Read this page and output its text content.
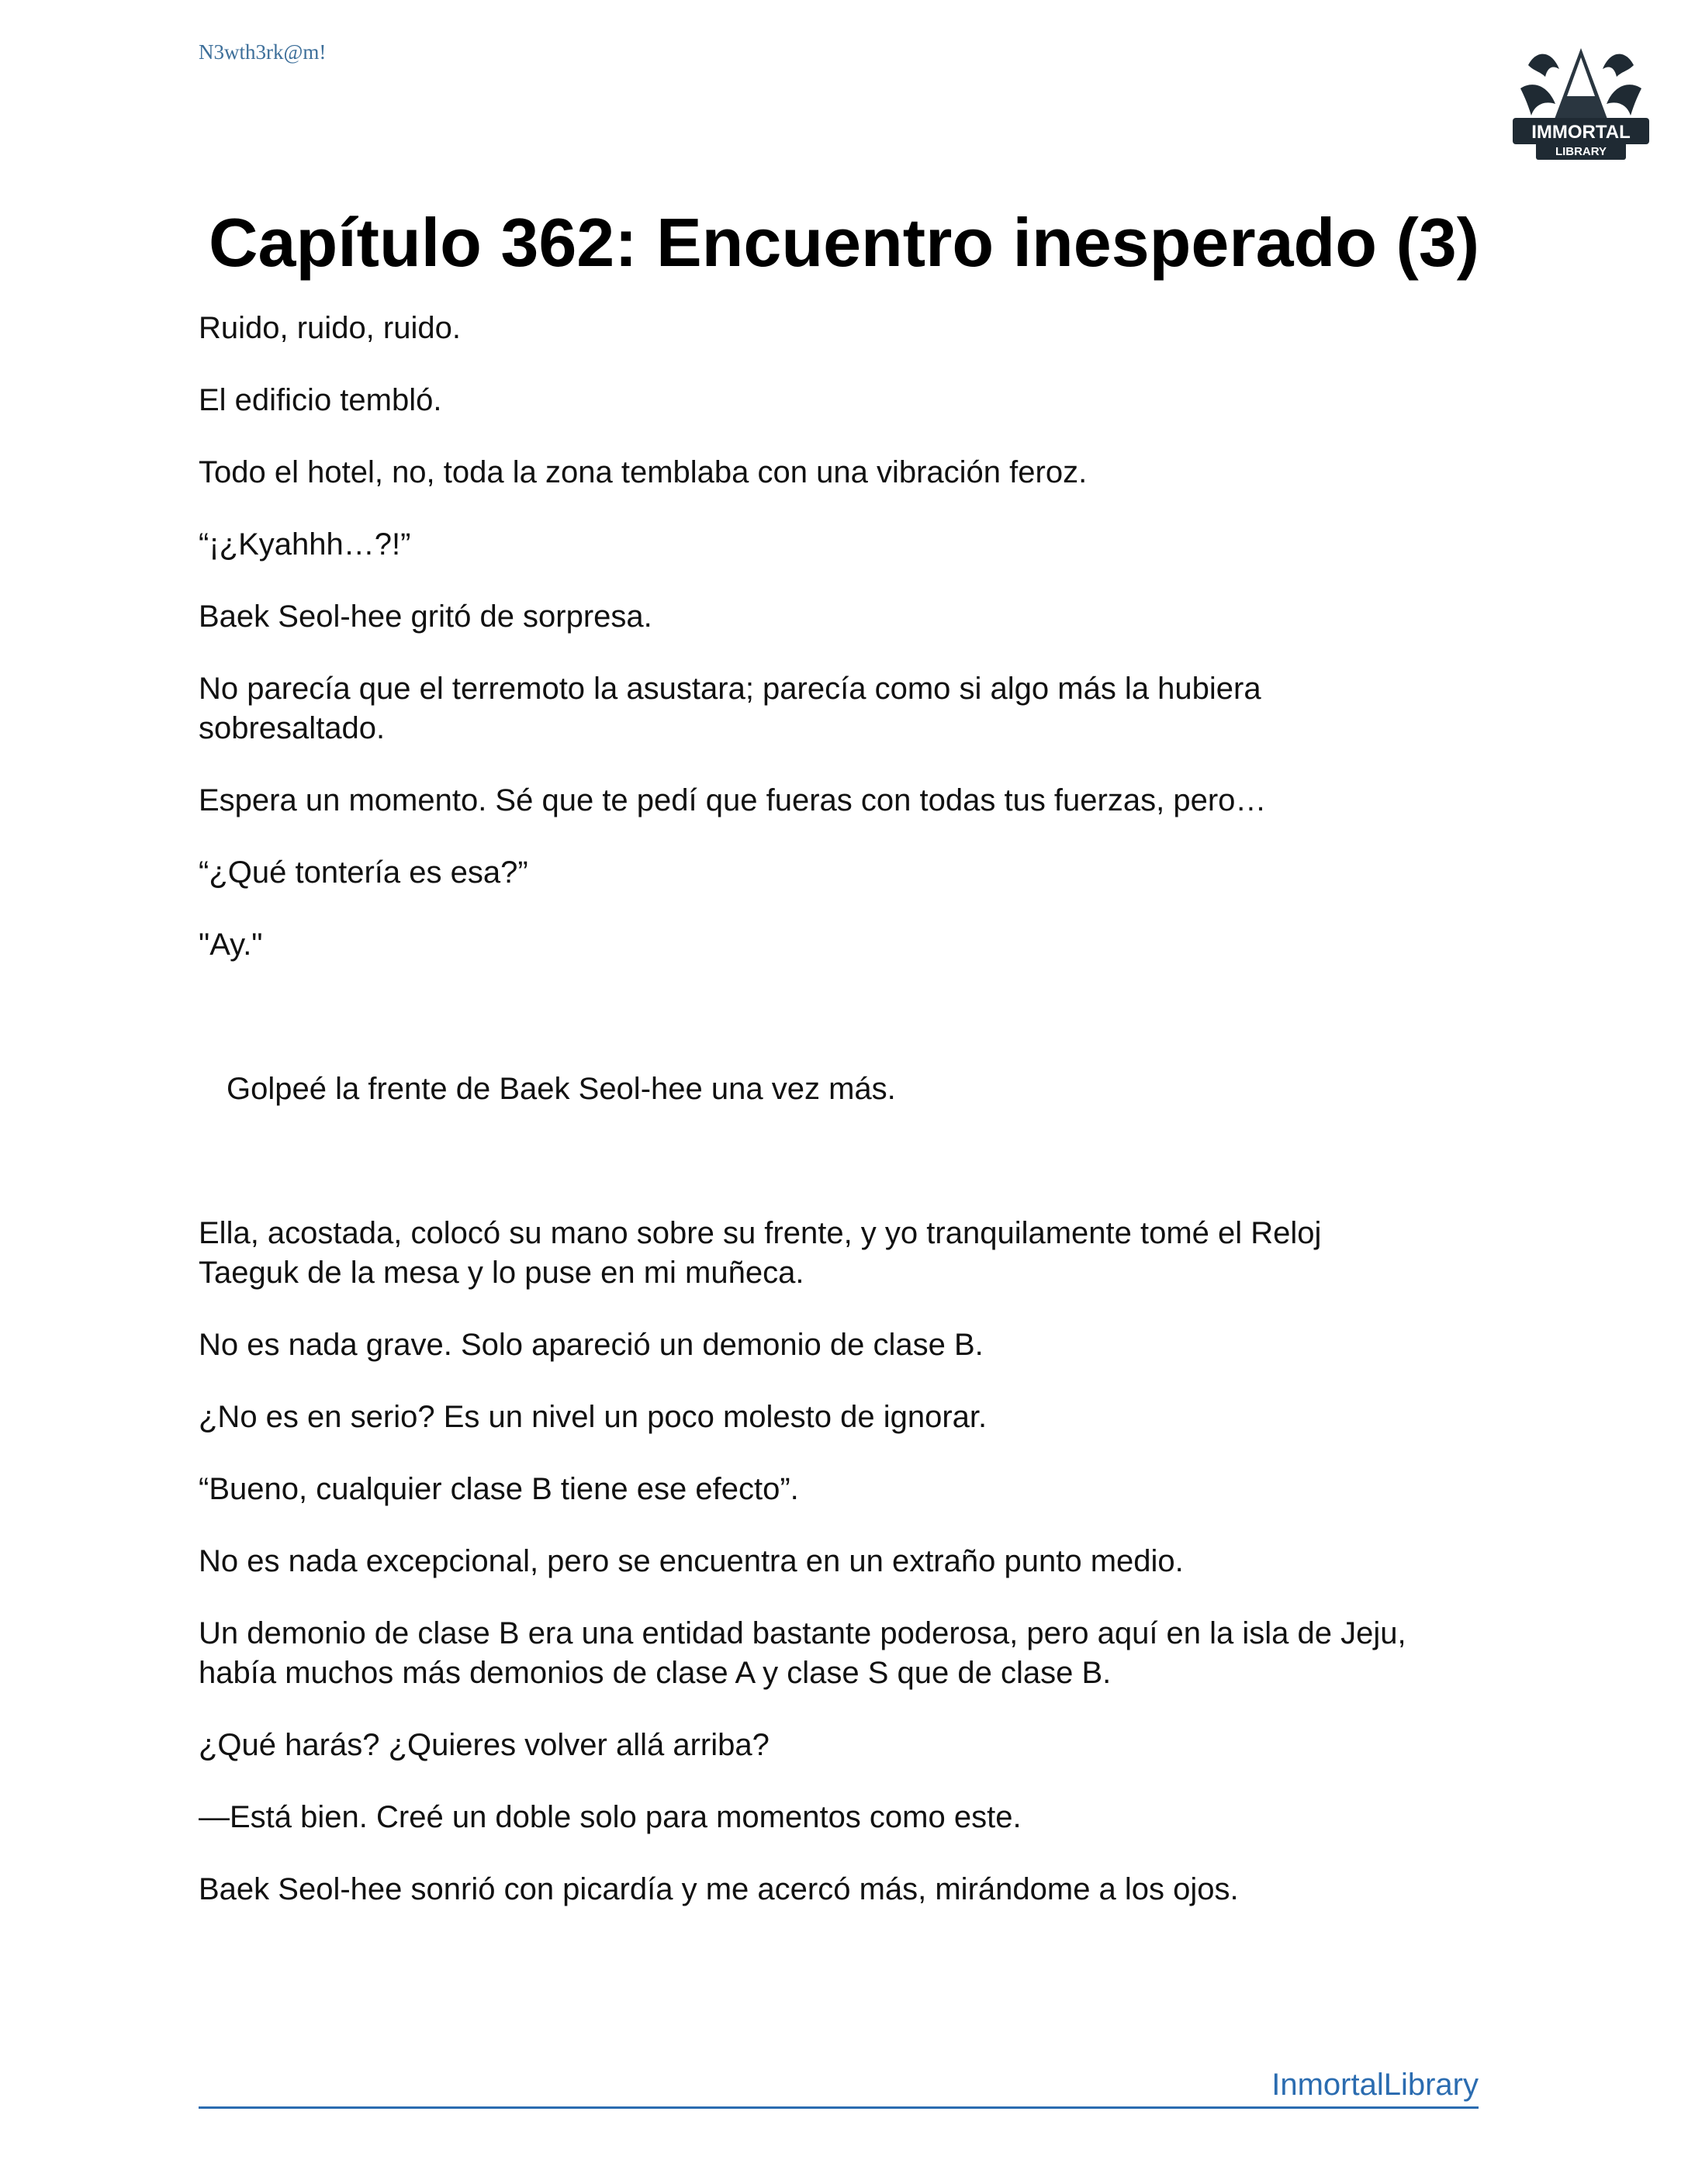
N3wth3rk@m!
IMMORTAL
LIBRARY
Capítulo 362: Encuentro inesperado (3)

Ruido, ruido, ruido.

El edificio tembló.

Todo el hotel, no, toda la zona temblaba con una vibración feroz.

“¡¿Kyahhh…?!”

Baek Seol-hee gritó de sorpresa.

No parecía que el terremoto la asustara; parecía como si algo más la hubiera
sobresaltado.

Espera un momento. Sé que te pedí que fueras con todas tus fuerzas, pero…

“¿Qué tontería es esa?”

"Ay."

Golpeé la frente de Baek Seol-hee una vez más.

Ella, acostada, colocó su mano sobre su frente, y yo tranquilamente tomé el Reloj
Taeguk de la mesa y lo puse en mi muñeca.

No es nada grave. Solo apareció un demonio de clase B.

¿No es en serio? Es un nivel un poco molesto de ignorar.

“Bueno, cualquier clase B tiene ese efecto”.

No es nada excepcional, pero se encuentra en un extraño punto medio.

Un demonio de clase B era una entidad bastante poderosa, pero aquí en la isla de Jeju,
había muchos más demonios de clase A y clase S que de clase B.

¿Qué harás? ¿Quieres volver allá arriba?

—Está bien. Creé un doble solo para momentos como este.

Baek Seol-hee sonrió con picardía y me acercó más, mirándome a los ojos.

InmortalLibrary
